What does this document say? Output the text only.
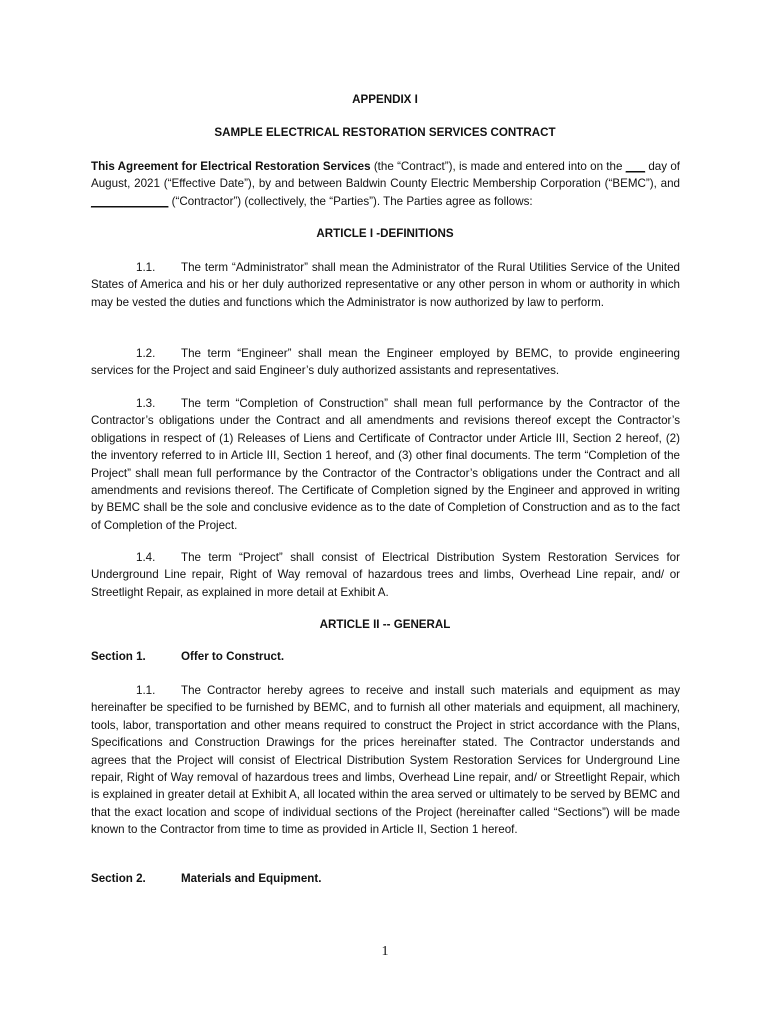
APPENDIX I
SAMPLE ELECTRICAL RESTORATION SERVICES CONTRACT

This Agreement for Electrical Restoration Services (the “Contract”), is made and entered into on the ___ day of August, 2021 (“Effective Date”), by and between Baldwin County Electric Membership Corporation (“BEMC”), and ____________ (“Contractor”) (collectively, the “Parties”). The Parties agree as follows:

ARTICLE I -DEFINITIONS

1.1. The term “Administrator” shall mean the Administrator of the Rural Utilities Service of the United States of America and his or her duly authorized representative or any other person in whom or authority in which may be vested the duties and functions which the Administrator is now authorized by law to perform.

1.2. The term “Engineer” shall mean the Engineer employed by BEMC, to provide engineering services for the Project and said Engineer’s duly authorized assistants and representatives.

1.3. The term “Completion of Construction” shall mean full performance by the Contractor of the Contractor’s obligations under the Contract and all amendments and revisions thereof except the Contractor’s obligations in respect of (1) Releases of Liens and Certificate of Contractor under Article III, Section 2 hereof, (2) the inventory referred to in Article III, Section 1 hereof, and (3) other final documents. The term “Completion of the Project” shall mean full performance by the Contractor of the Contractor’s obligations under the Contract and all amendments and revisions thereof. The Certificate of Completion signed by the Engineer and approved in writing by BEMC shall be the sole and conclusive evidence as to the date of Completion of Construction and as to the fact of Completion of the Project.

1.4. The term “Project” shall consist of Electrical Distribution System Restoration Services for Underground Line repair, Right of Way removal of hazardous trees and limbs, Overhead Line repair, and/ or Streetlight Repair, as explained in more detail at Exhibit A.

ARTICLE II -- GENERAL
Section 1.	Offer to Construct.

1.1. The Contractor hereby agrees to receive and install such materials and equipment as may hereinafter be specified to be furnished by BEMC, and to furnish all other materials and equipment, all machinery, tools, labor, transportation and other means required to construct the Project in strict accordance with the Plans, Specifications and Construction Drawings for the prices hereinafter stated. The Contractor understands and agrees that the Project will consist of Electrical Distribution System Restoration Services for Underground Line repair, Right of Way removal of hazardous trees and limbs, Overhead Line repair, and/ or Streetlight Repair, which is explained in greater detail at Exhibit A, all located within the area served or ultimately to be served by BEMC and that the exact location and scope of individual sections of the Project (hereinafter called “Sections”) will be made known to the Contractor from time to time as provided in Article II, Section 1 hereof.

Section 2.	Materials and Equipment.
1
